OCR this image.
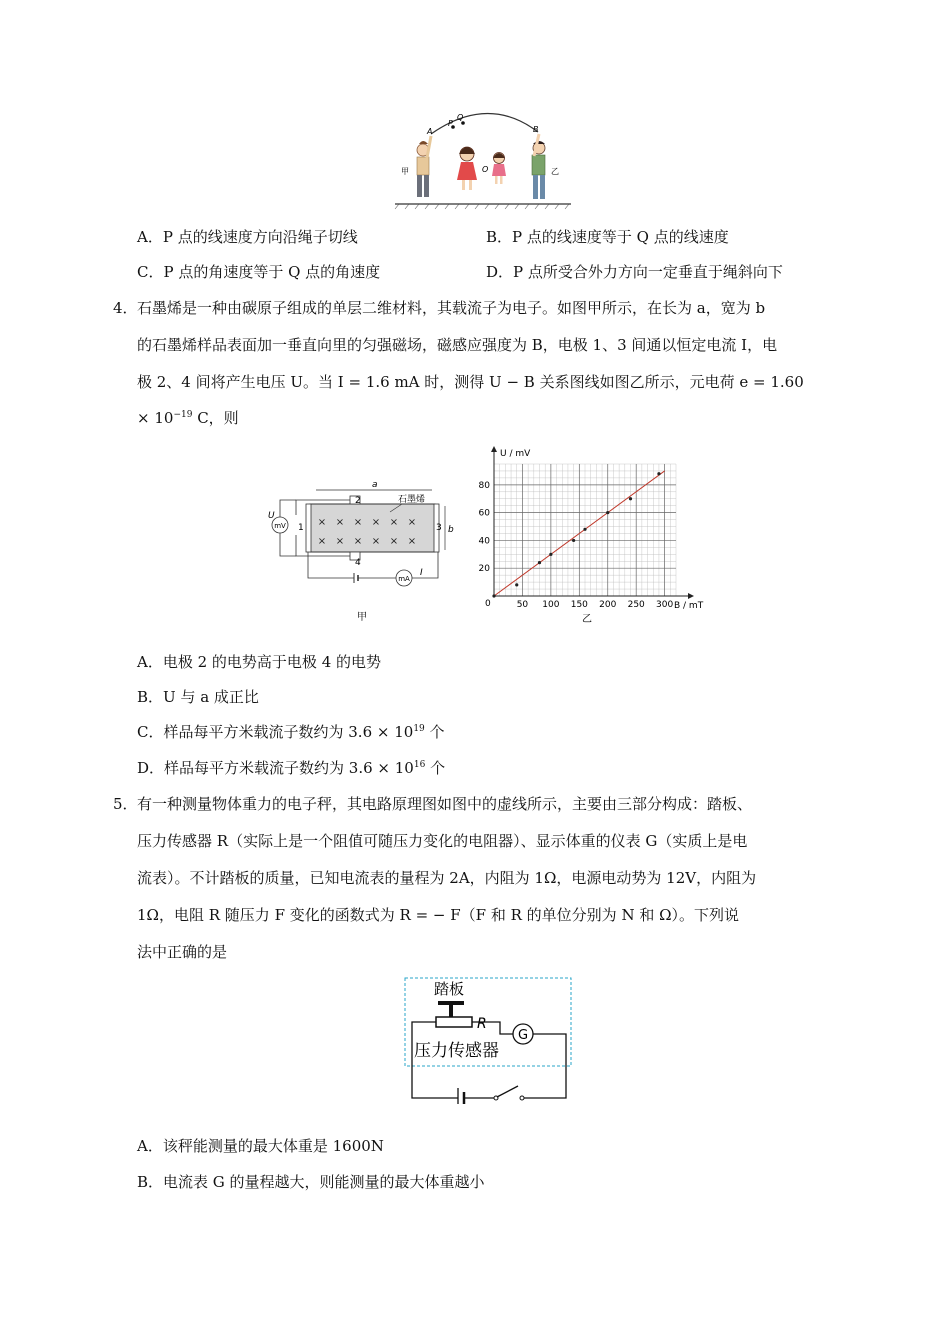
A
P
Q
B
O
甲	乙
A．P 点的线速度方向沿绳子切线	B．P 点的线速度等于 Q 点的线速度
C．P 点的角速度等于 Q 点的角速度	D．P 点所受合外力方向一定垂直于绳斜向下
4． 石墨烯是一种由碳原子组成的单层二维材料，其载流子为电子。如图甲所示，在长为 a，宽为 b
的石墨烯样品表面加一垂直向里的匀强磁场，磁感应强度为 B，电极 1、3 间通以恒定电流 I，电
极 2、4 间将产生电压 U。当 I = 1.6 mA 时，测得 U − B 关系图线如图乙所示，元电荷 e = 1.60
× $10^{-19}$ C，则
× × × × × ×
× × × × × ×
石墨烯
a
b
2
4
1	3
mV
U
mA
I
甲
50 100 150 200 250 300
20
40
60
80
U / mV
B / mT
0
乙
A．电极 2 的电势高于电极 4 的电势
B．U 与 a 成正比
C．样品每平方米载流子数约为 $3.6 \times 10^{19}$ 个
D．样品每平方米载流子数约为 $3.6 \times 10^{16}$ 个
5． 有一种测量物体重力的电子秤，其电路原理图如图中的虚线所示，主要由三部分构成：踏板、
压力传感器 R（实际上是一个阻值可随压力变化的电阻器）、显示体重的仪表 G（实质上是电
流表）。不计踏板的质量，已知电流表的量程为 2A，内阻为 1Ω，电源电动势为 12V，内阻为
1Ω，电阻 R 随压力 F 变化的函数式为 R = − F（F 和 R 的单位分别为 N 和 Ω）。下列说
法中正确的是
踏板
R
G
压力传感器
A．该秤能测量的最大体重是 1600N
B．电流表 G 的量程越大，则能测量的最大体重越小
